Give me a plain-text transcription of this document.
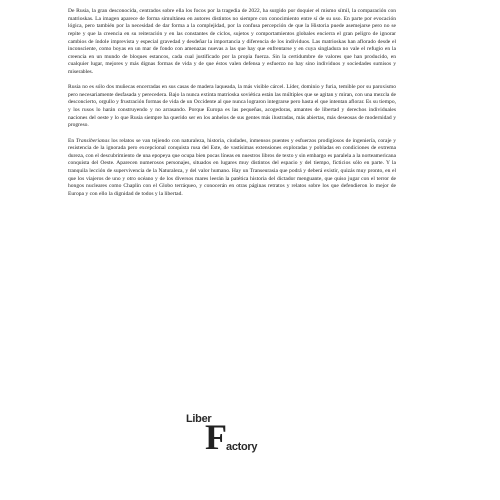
De Rusia, la gran desconocida, centrados sobre ella los focos por la tragedia de 2022, ha surgido por doquier el mismo símil, la comparación con matrioskas. La imagen aparece de forma simultánea en autores distintos no siempre con conocimiento entre sí de su uso. En parte por evocación lógica, pero también por la necesidad de dar forma a la complejidad, por la confusa percepción de que la Historia puede asemejarse pero no se repite y que la creencia en su reiteración y en las constantes de ciclos, sujetos y comportamientos globales encierra el gran peligro de ignorar cambios de índole imprevista y especial gravedad y desdeñar la importancia y diferencia de los individuos. Las matrioskas han aflorado desde el inconsciente, como boyas en un mar de fondo con amenazas nuevas a las que hay que enfrentarse y en cuya singladura no vale el refugio en la creencia en un mundo de bloques estancos, cada cual justificado por la propia fuerza. Sin la certidumbre de valores que han producido, en cualquier lugar, mejores y más dignas formas de vida y de que éstos valen defensa y esfuerzo no hay sino individuos y sociedades sumisos y miserables.

Rusia no es sólo dos muñecas encerradas en sus casas de madera laqueada, la más visible cárcel. Líder, dominio y furia, temible por su paroxismo pero necesariamente desfasada y perecedera. Bajo la nunca extinta matrioska soviética están las múltiples que se agitan y miran, con una mezcla de desconcierto, orgullo y frustración formas de vida de un Occidente al que nunca lograron integrarse pero hasta el que intentan aflorar. Es su tiempo, y los rusos lo harán construyendo y no arrasando. Porque Europa es las pequeñas, acogedoras, amantes de libertad y derechos individuales naciones del oeste y lo que Rusia siempre ha querido ser en los anhelos de sus gentes más ilustradas, más abiertas, más deseosas de modernidad y progreso.

En Transiberianas los relatos se van tejiendo con naturaleza, historia, ciudades, inmensos puentes y esfuerzos prodigiosos de ingeniería, coraje y resistencia de la ignorada pero excepcional conquista rusa del Este, de vastísimas extensiones exploradas y pobladas en condiciones de extrema dureza, con el descubrimiento de una epopeya que ocupa bien pocas líneas en nuestros libros de texto y sin embargo es paralela a la norteamericana conquista del Oeste. Aparecen numerosos personajes, situados en lugares muy distintos del espacio y del tiempo, ficticios sólo en parte. Y la tranquila lección de supervivencia de la Naturaleza, y del valor humano. Hay un Transeurasia que podrá y deberá existir, quizás muy pronto, en el que los viajeros de uno y otro océano y de los diversos mares leerán la patética historia del dictador menguante, que quiso jugar con el terror de hongos nucleares como Chaplin con el Globo terráqueo, y conocerán en otras páginas retratos y relatos sobre los que defendieron lo mejor de Europa y con ello la dignidad de todos y la libertad.

Liber
F actory
